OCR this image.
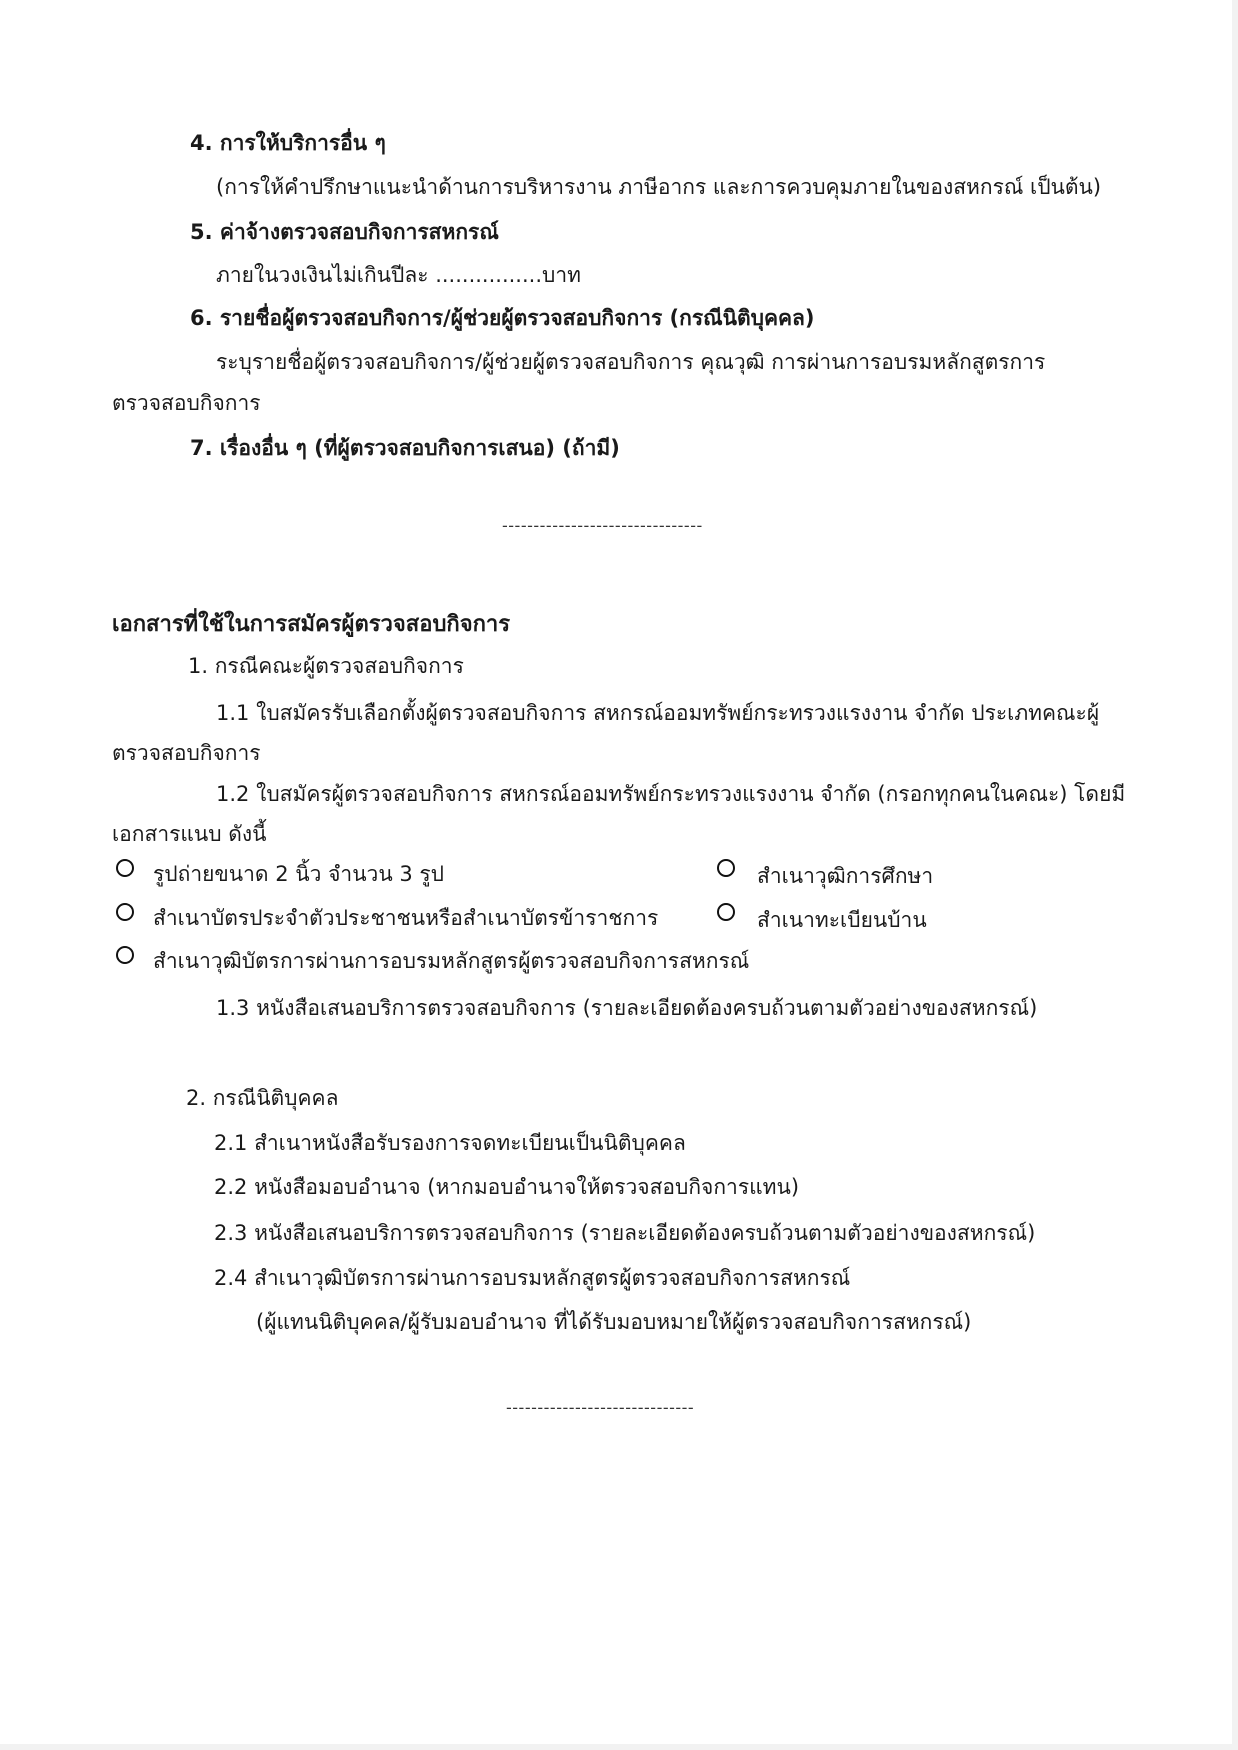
4. การให้บริการอื่น ๆ
(การให้คำปรึกษาแนะนำด้านการบริหารงาน ภาษีอากร และการควบคุมภายในของสหกรณ์ เป็นต้น)
5. ค่าจ้างตรวจสอบกิจการสหกรณ์
ภายในวงเงินไม่เกินปีละ ................บาท
6. รายชื่อผู้ตรวจสอบกิจการ/ผู้ช่วยผู้ตรวจสอบกิจการ (กรณีนิติบุคคล)
ระบุรายชื่อผู้ตรวจสอบกิจการ/ผู้ช่วยผู้ตรวจสอบกิจการ คุณวุฒิ การผ่านการอบรมหลักสูตรการ
ตรวจสอบกิจการ
7. เรื่องอื่น ๆ (ที่ผู้ตรวจสอบกิจการเสนอ) (ถ้ามี)
--------------------------------
เอกสารที่ใช้ในการสมัครผู้ตรวจสอบกิจการ
1. กรณีคณะผู้ตรวจสอบกิจการ
1.1 ใบสมัครรับเลือกตั้งผู้ตรวจสอบกิจการ สหกรณ์ออมทรัพย์กระทรวงแรงงาน จำกัด ประเภทคณะผู้
ตรวจสอบกิจการ
1.2 ใบสมัครผู้ตรวจสอบกิจการ สหกรณ์ออมทรัพย์กระทรวงแรงงาน จำกัด (กรอกทุกคนในคณะ) โดยมี
เอกสารแนบ ดังนี้
รูปถ่ายขนาด 2 นิ้ว จำนวน 3 รูป	สำเนาวุฒิการศึกษา
สำเนาบัตรประจำตัวประชาชนหรือสำเนาบัตรข้าราชการ	สำเนาทะเบียนบ้าน
สำเนาวุฒิบัตรการผ่านการอบรมหลักสูตรผู้ตรวจสอบกิจการสหกรณ์
1.3 หนังสือเสนอบริการตรวจสอบกิจการ (รายละเอียดต้องครบถ้วนตามตัวอย่างของสหกรณ์)
2. กรณีนิติบุคคล
2.1 สำเนาหนังสือรับรองการจดทะเบียนเป็นนิติบุคคล
2.2 หนังสือมอบอำนาจ (หากมอบอำนาจให้ตรวจสอบกิจการแทน)
2.3 หนังสือเสนอบริการตรวจสอบกิจการ (รายละเอียดต้องครบถ้วนตามตัวอย่างของสหกรณ์)
2.4 สำเนาวุฒิบัตรการผ่านการอบรมหลักสูตรผู้ตรวจสอบกิจการสหกรณ์
(ผู้แทนนิติบุคคล/ผู้รับมอบอำนาจ ที่ได้รับมอบหมายให้ผู้ตรวจสอบกิจการสหกรณ์)
------------------------------
